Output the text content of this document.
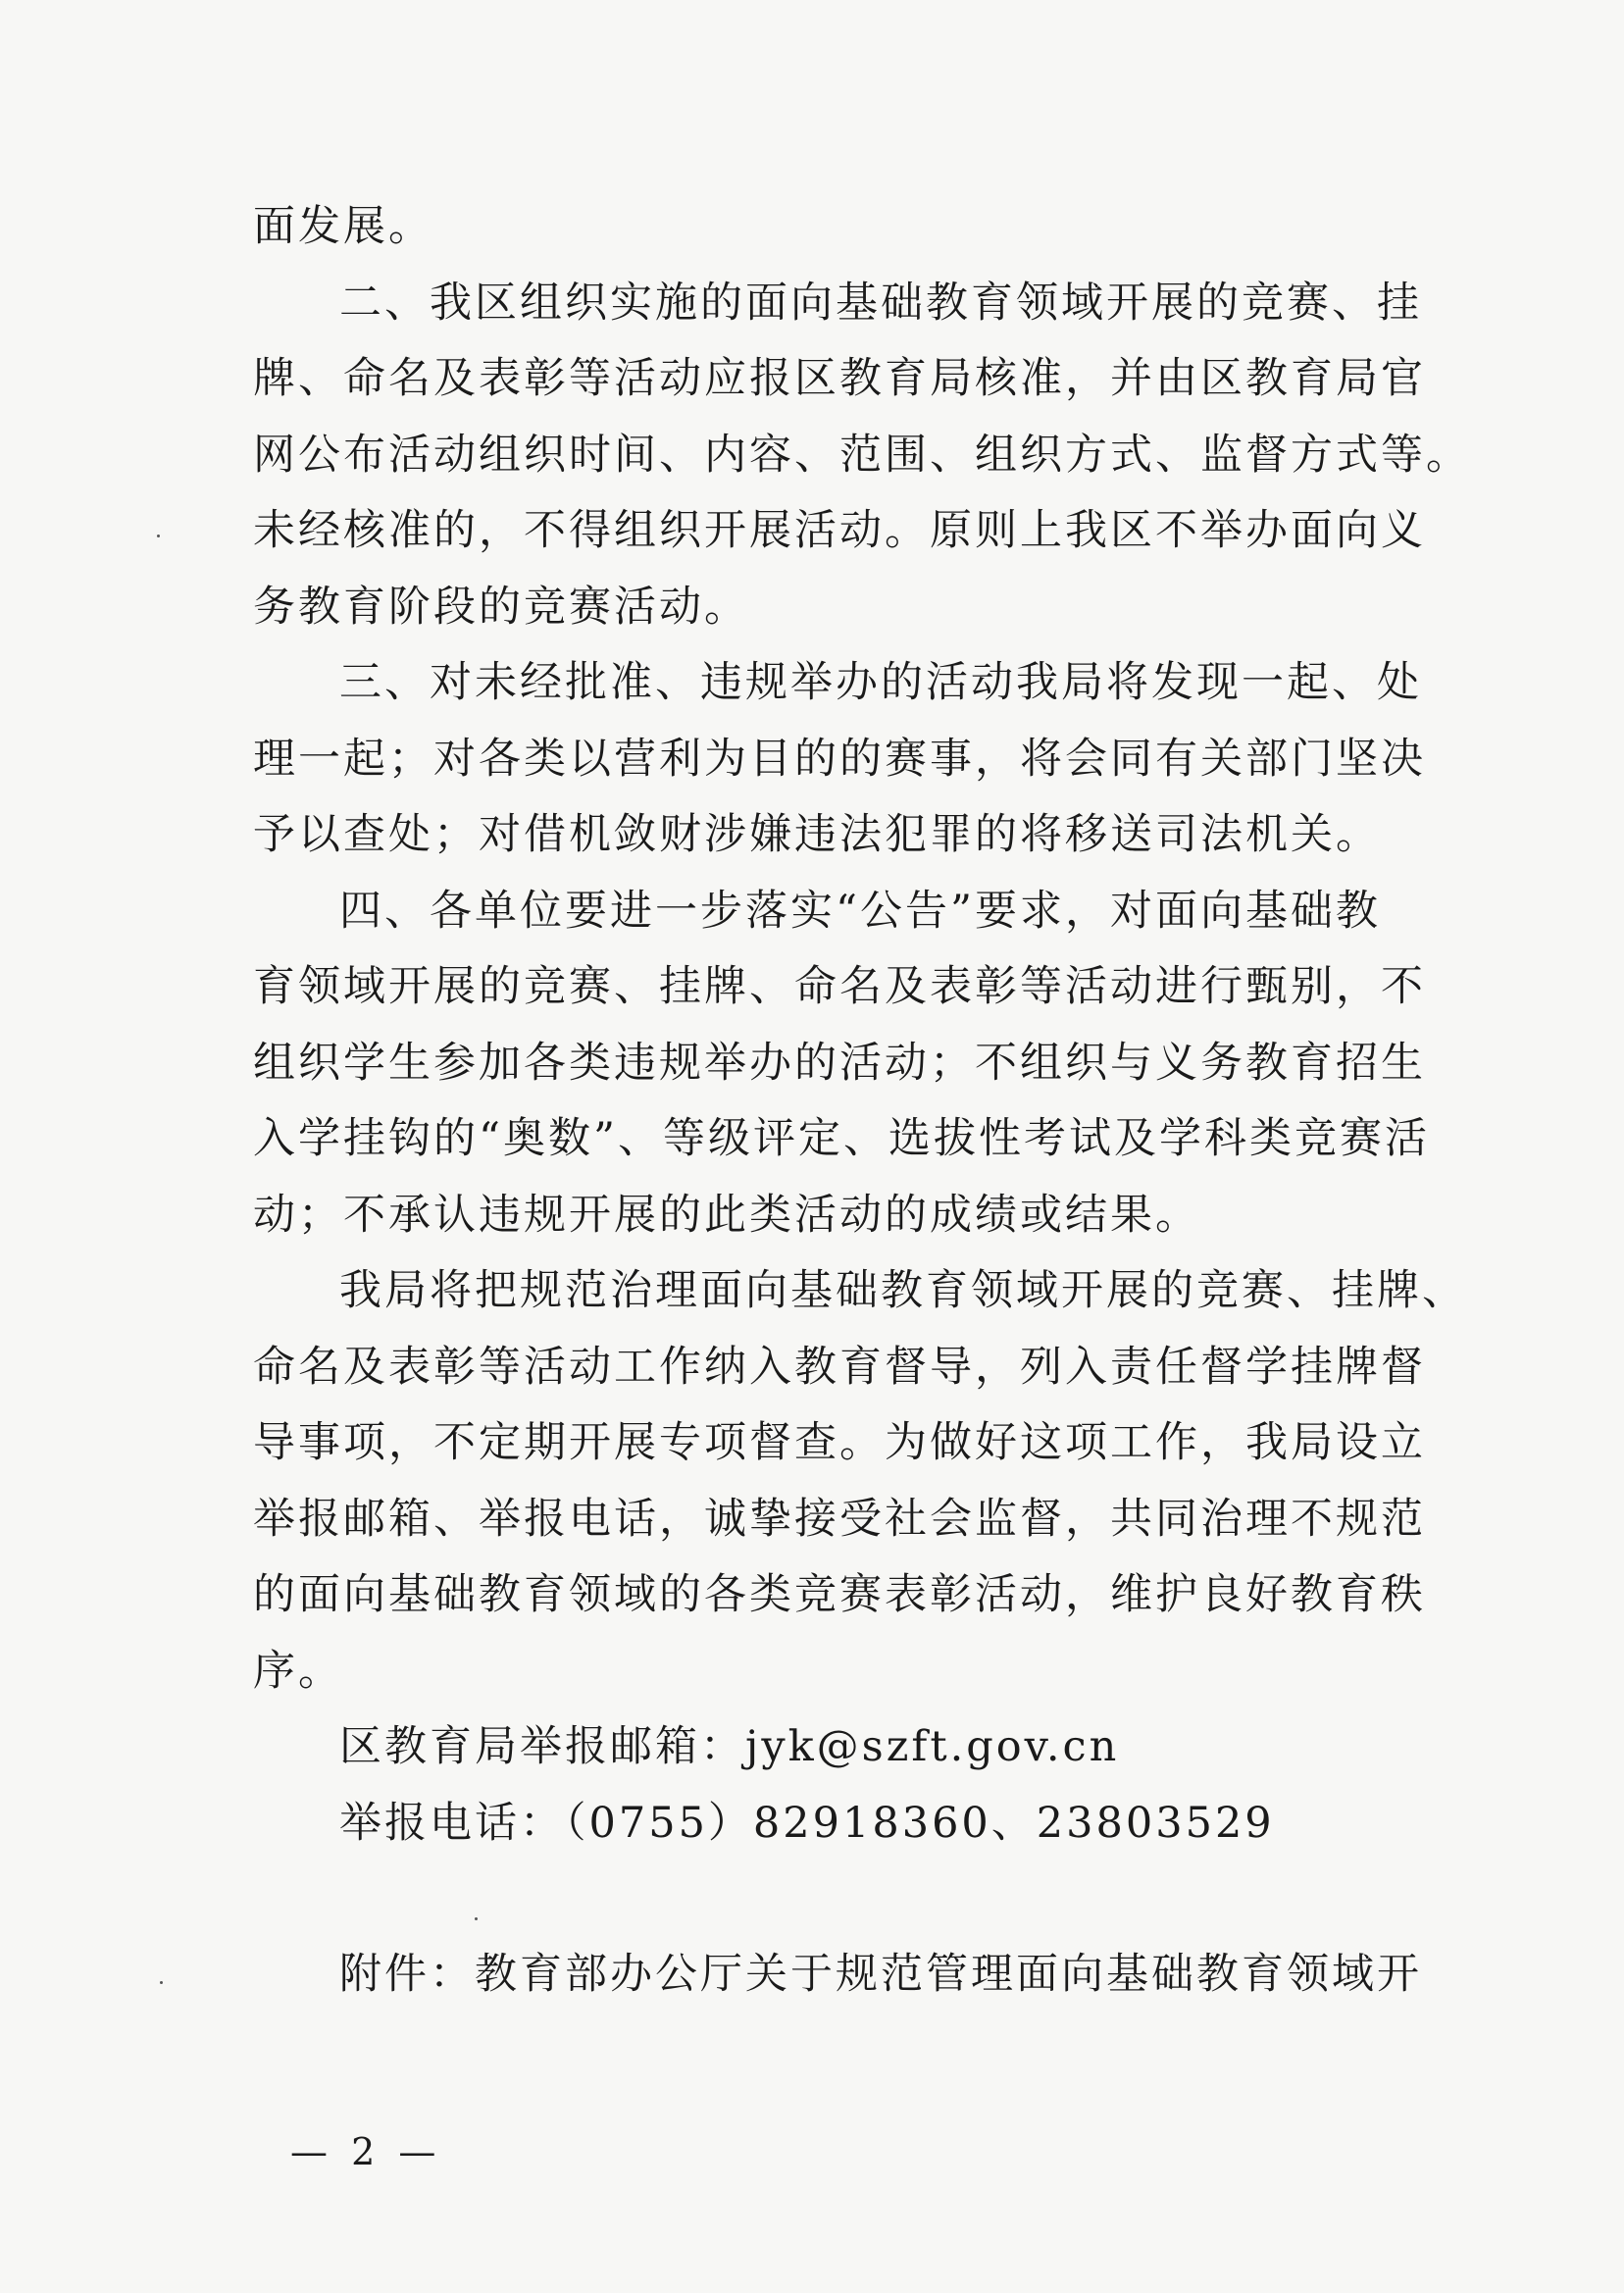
面发展。
二、我区组织实施的面向基础教育领域开展的竞赛、挂
牌、命名及表彰等活动应报区教育局核准，并由区教育局官
网公布活动组织时间、内容、范围、组织方式、监督方式等。
未经核准的，不得组织开展活动。原则上我区不举办面向义
务教育阶段的竞赛活动。
三、对未经批准、违规举办的活动我局将发现一起、处
理一起；对各类以营利为目的的赛事，将会同有关部门坚决
予以查处；对借机敛财涉嫌违法犯罪的将移送司法机关。
四、各单位要进一步落实“公告”要求，对面向基础教
育领域开展的竞赛、挂牌、命名及表彰等活动进行甄别，不
组织学生参加各类违规举办的活动；不组织与义务教育招生
入学挂钩的“奥数”、等级评定、选拔性考试及学科类竞赛活
动；不承认违规开展的此类活动的成绩或结果。
我局将把规范治理面向基础教育领域开展的竞赛、挂牌、
命名及表彰等活动工作纳入教育督导，列入责任督学挂牌督
导事项，不定期开展专项督查。为做好这项工作，我局设立
举报邮箱、举报电话，诚挚接受社会监督，共同治理不规范
的面向基础教育领域的各类竞赛表彰活动，维护良好教育秩
序。
区教育局举报邮箱：jyk@szft.gov.cn
举报电话：（0755）82918360、23803529
附件：教育部办公厅关于规范管理面向基础教育领域开
— 2 —
